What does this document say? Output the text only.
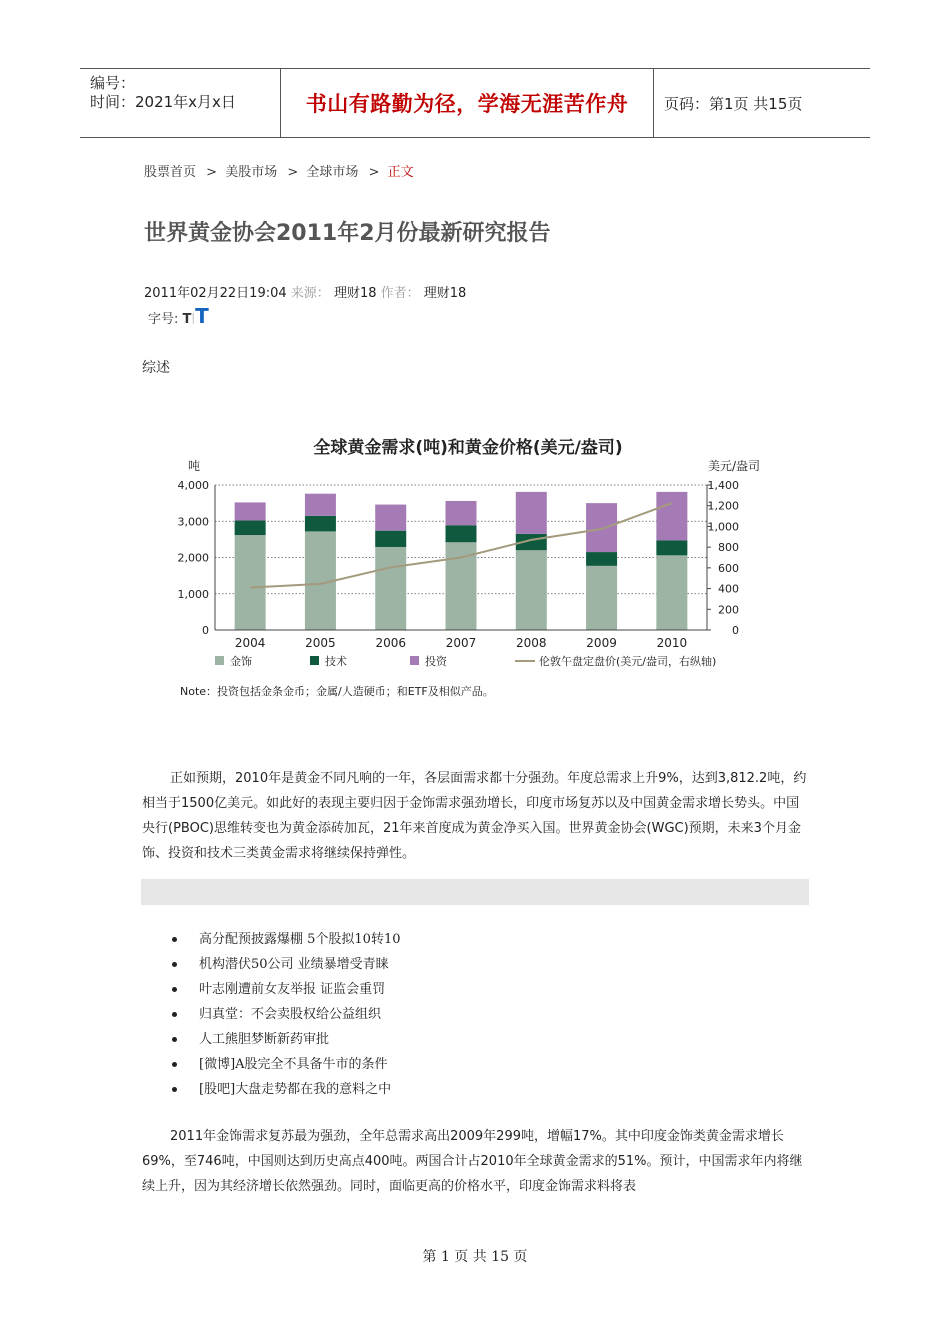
编号：
时间：2021年x月x日	书山有路勤为径，学海无涯苦作舟 页码：第1页 共15页
股票首页 > 美股市场 > 全球市场 > 正文
世界黄金协会2011年2月份最新研究报告
2011年02月22日19:04 来源： 理财18 作者： 理财18
字号: T|T
综述
全球黄金需求(吨)和黄金价格(美元/盎司)
吨	美元/盎司
0
1,000
2,000
3,000
4,000
0
200
400
600
800
1,000
1,200
1,400
2004	2005	2006	2007	2008	2009	2010
金饰	技术	投资	伦敦午盘定盘价(美元/盎司，右纵轴)
Note：投资包括金条金币；金属/人造硬币；和ETF及相似产品。

正如预期，2010年是黄金不同凡响的一年，各层面需求都十分强劲。年度总需求上升9%，达到3,812.2吨，约相当于1500亿美元。如此好的表现主要归因于金饰需求强劲增长，印度市场复苏以及中国黄金需求增长势头。中国央行(PBOC)思维转变也为黄金添砖加瓦，21年来首度成为黄金净买入国。世界黄金协会(WGC)预期，未来3个月金饰、投资和技术三类黄金需求将继续保持弹性。

高分配预披露爆棚 5个股拟10转10
机构潜伏50公司 业绩暴增受青睐
叶志刚遭前女友举报 证监会重罚
归真堂：不会卖股权给公益组织
人工熊胆梦断新药审批
[微博]A股完全不具备牛市的条件
[股吧]大盘走势都在我的意料之中

2011年金饰需求复苏最为强劲，全年总需求高出2009年299吨，增幅17%。其中印度金饰类黄金需求增长69%，至746吨，中国则达到历史高点400吨。两国合计占2010年全球黄金需求的51%。预计，中国需求年内将继续上升，因为其经济增长依然强劲。同时，面临更高的价格水平，印度金饰需求料将表

第 1 页 共 15 页
